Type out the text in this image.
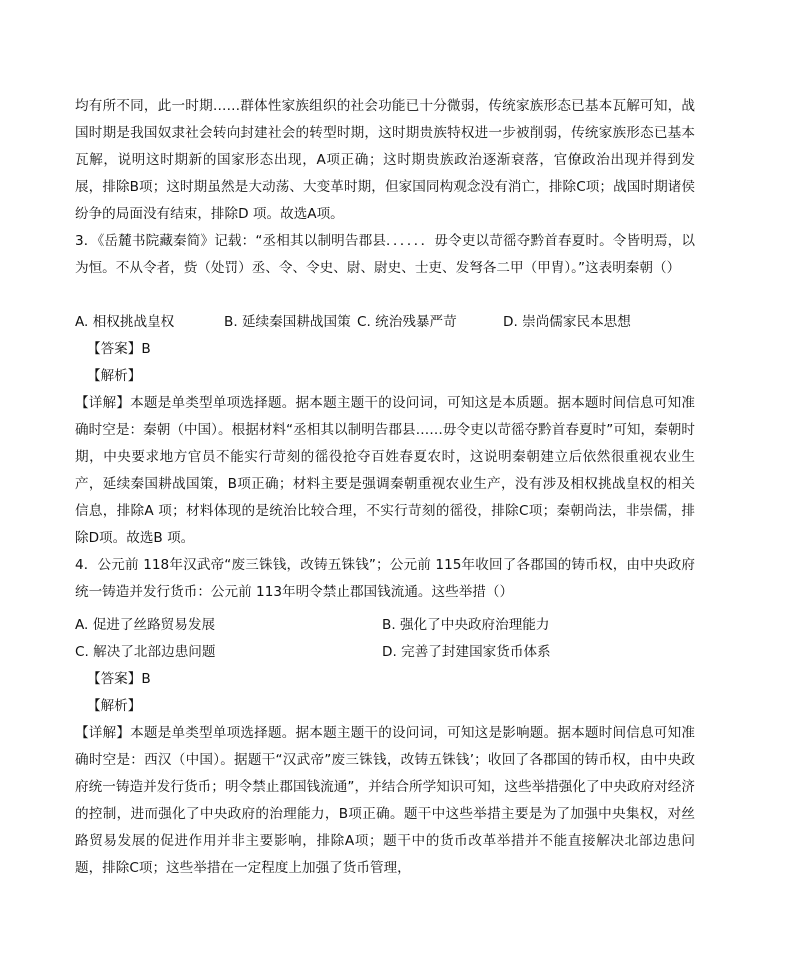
均有所不同，此一时期……群体性家族组织的社会功能已十分微弱，传统家族形态已基本瓦解可知，战国时期是我国奴隶社会转向封建社会的转型时期，这时期贵族特权进一步被削弱，传统家族形态已基本瓦解，说明这时期新的国家形态出现，A项正确；这时期贵族政治逐渐衰落，官僚政治出现并得到发展，排除B项；这时期虽然是大动荡、大变革时期，但家国同构观念没有消亡，排除C项；战国时期诸侯纷争的局面没有结束，排除D 项。故选A项。

3．《岳麓书院藏秦简》记载：“丞相其以制明告郡县．．．．．．毋令吏以苛徭夺黔首春夏时。令皆明焉，以为恒。不从令者，赀（处罚）丞、令、令史、尉、尉史、士吏、发弩各二甲（甲胄）。”这表明秦朝（）

A. 相权挑战皇权	B. 延续秦国耕战国策 C. 统治残暴严苛	D. 崇尚儒家民本思想

【答案】B

【解析】

【详解】本题是单类型单项选择题。据本题主题干的设问词，可知这是本质题。据本题时间信息可知准确时空是：秦朝（中国）。根据材料“丞相其以制明告郡县……毋令吏以苛徭夺黔首春夏时”可知，秦朝时期，中央要求地方官员不能实行苛刻的徭役抢夺百姓春夏农时，这说明秦朝建立后依然很重视农业生产，延续秦国耕战国策，B项正确；材料主要是强调秦朝重视农业生产，没有涉及相权挑战皇权的相关信息，排除A 项；材料体现的是统治比较合理，不实行苛刻的徭役，排除C项；秦朝尚法，非崇儒，排除D项。故选B 项。

4．公元前 118年汉武帝“废三铢钱，改铸五铢钱”；公元前 115年收回了各郡国的铸币权，由中央政府统一铸造并发行货币：公元前 113年明令禁止郡国钱流通。这些举措（）

A. 促进了丝路贸易发展	B. 强化了中央政府治理能力
C. 解决了北部边患问题	D. 完善了封建国家货币体系

【答案】B

【解析】

【详解】本题是单类型单项选择题。据本题主题干的设问词，可知这是影响题。据本题时间信息可知准确时空是：西汉（中国）。据题干“汉武帝”废三铢钱，改铸五铢钱’；收回了各郡国的铸币权，由中央政府统一铸造并发行货币；明令禁止郡国钱流通”，并结合所学知识可知，这些举措强化了中央政府对经济的控制，进而强化了中央政府的治理能力，B项正确。题干中这些举措主要是为了加强中央集权，对丝路贸易发展的促进作用并非主要影响，排除A项；题干中的货币改革举措并不能直接解决北部边患问题，排除C项；这些举措在一定程度上加强了货币管理，
